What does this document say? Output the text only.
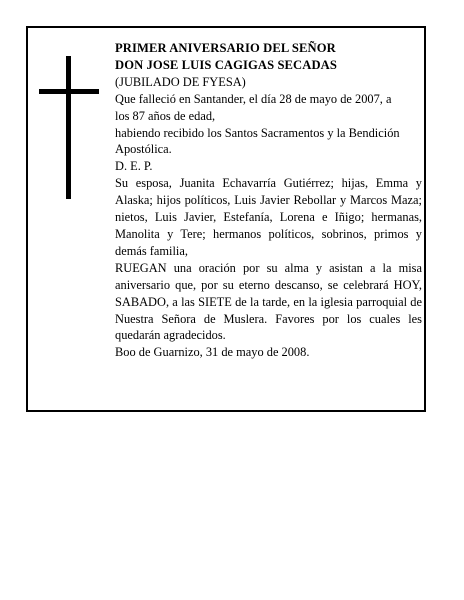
PRIMER ANIVERSARIO DEL SEÑOR

DON JOSE LUIS CAGIGAS SECADAS

(JUBILADO DE FYESA)

Que falleció en Santander, el día 28 de mayo de 2007, a

los 87 años de edad,

habiendo recibido los Santos Sacramentos y la Bendición Apostólica.

D. E. P.

Su esposa, Juanita Echavarría Gutiérrez; hijas, Emma y Alaska; hijos políticos, Luis Javier Rebollar y Marcos Maza; nietos, Luis Javier, Estefanía, Lorena e Iñigo; hermanas, Manolita y Tere; hermanos políticos, sobrinos, primos y demás familia,

RUEGAN una oración por su alma y asistan a la misa aniversario que, por su eterno descanso, se celebrará HOY, SABADO, a las SIETE de la tarde, en la iglesia parroquial de Nuestra Señora de Muslera. Favores por los cuales les quedarán agradecidos.

Boo de Guarnizo, 31 de mayo de 2008.
